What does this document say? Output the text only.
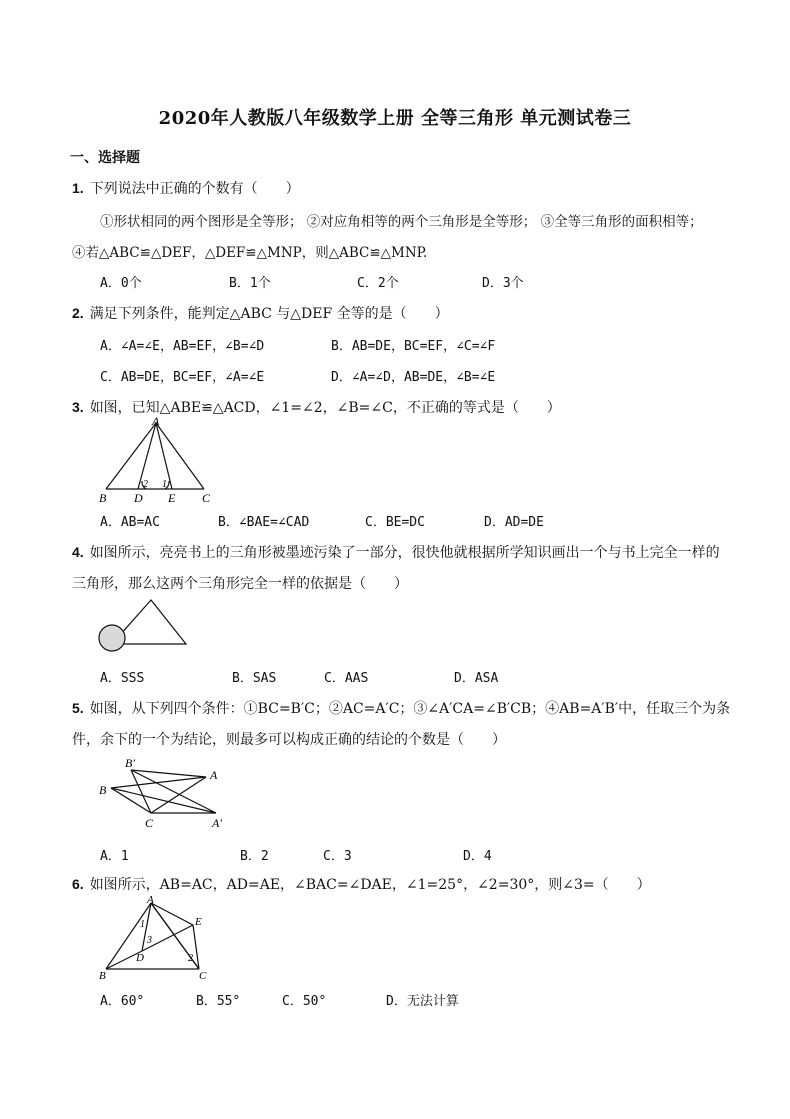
2020年人教版八年级数学上册 全等三角形 单元测试卷三
一、选择题
1. 下列说法中正确的个数有（　　）
①形状相同的两个图形是全等形； ②对应角相等的两个三角形是全等形； ③全等三角形的面积相等；
④若△ABC≌△DEF，△DEF≌△MNP，则△ABC≌△MNP.
A．0个	B．1个	C．2个	D．3个
2. 满足下列条件，能判定△ABC 与△DEF 全等的是（　　）
A．∠A=∠E，AB=EF，∠B=∠D	B．AB=DE，BC=EF，∠C=∠F
C．AB=DE，BC=EF，∠A=∠E	D．∠A=∠D，AB=DE，∠B=∠E
3. 如图，已知△ABE≌△ACD，∠1=∠2，∠B=∠C，不正确的等式是（　　）
A
B D E C
2 1
A．AB=AC	B．∠BAE=∠CAD	C．BE=DC	D．AD=DE
4. 如图所示，亮亮书上的三角形被墨迹污染了一部分，很快他就根据所学知识画出一个与书上完全一样的
三角形，那么这两个三角形完全一样的依据是（　　）
A．SSS	B．SAS	C．AAS	D．ASA
5. 如图，从下列四个条件：①BC=B′C；②AC=A′C；③∠A′CA=∠B′CB；④AB=A′B′中，任取三个为条
件，余下的一个为结论，则最多可以构成正确的结论的个数是（　　）
B′
A
B
C	A′
A．1	B．2	C．3	D．4
6. 如图所示，AB=AC，AD=AE，∠BAC=∠DAE，∠1=25°，∠2=30°，则∠3=（　　）
A
E
D
B	C
1
3
2
A．60°	B．55°	C．50°	D．无法计算
